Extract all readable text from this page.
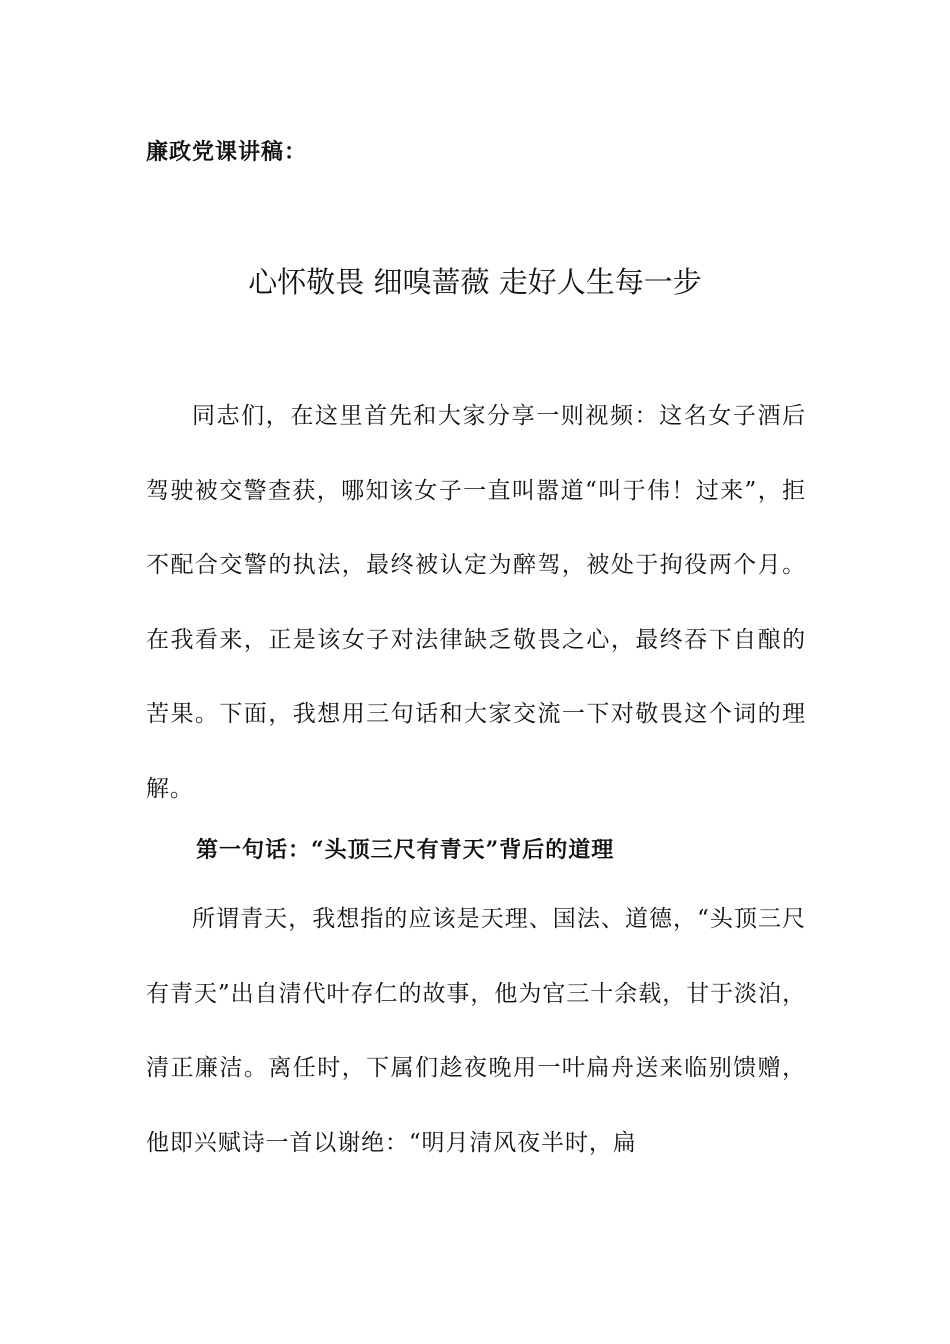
廉政党课讲稿：
心怀敬畏 细嗅蔷薇 走好人生每一步

同志们，在这里首先和大家分享一则视频：这名女子酒后驾驶被交警查获，哪知该女子一直叫嚣道“叫于伟！过来”，拒不配合交警的执法，最终被认定为醉驾，被处于拘役两个月。在我看来，正是该女子对法律缺乏敬畏之心，最终吞下自酿的苦果。下面，我想用三句话和大家交流一下对敬畏这个词的理解。

第一句话：“头顶三尺有青天”背后的道理

所谓青天，我想指的应该是天理、国法、道德，“头顶三尺有青天”出自清代叶存仁的故事，他为官三十余载，甘于淡泊，清正廉洁。离任时，下属们趁夜晚用一叶扁舟送来临别馈赠，他即兴赋诗一首以谢绝：“明月清风夜半时，扁
